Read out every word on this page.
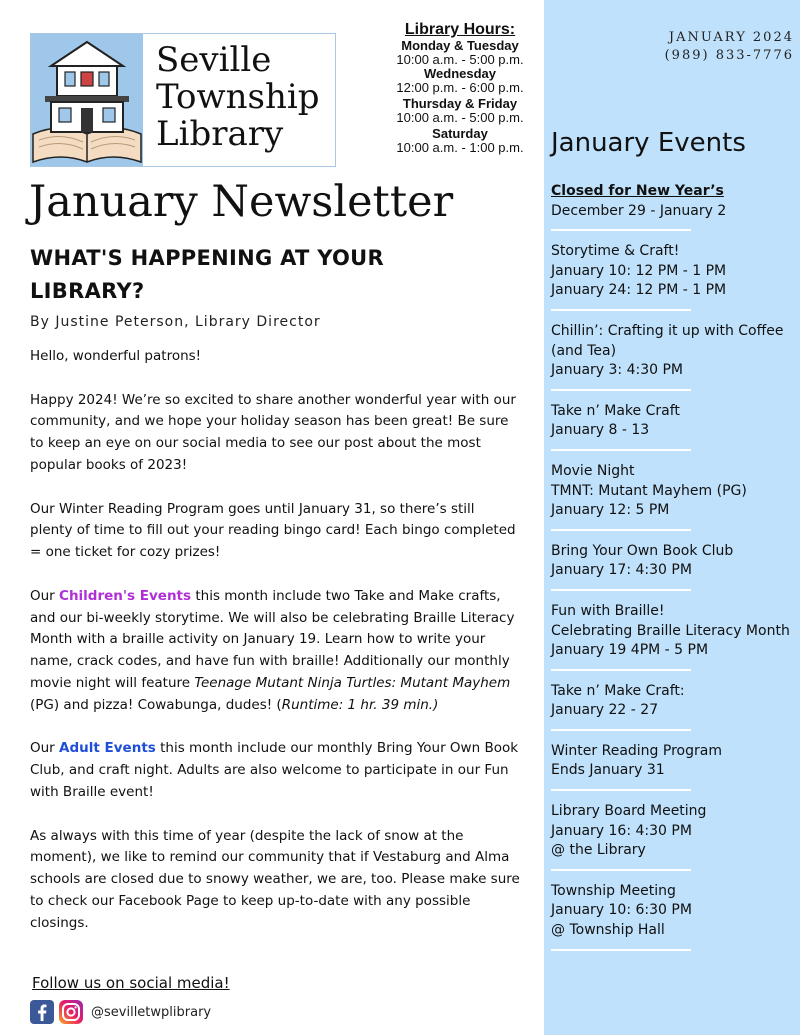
Seville
Township
Library
Library Hours:
Monday & Tuesday
10:00 a.m. - 5:00 p.m.
Wednesday
12:00 p.m. - 6:00 p.m.
Thursday & Friday
10:00 a.m. - 5:00 p.m.
Saturday
10:00 a.m. - 1:00 p.m.
January Newsletter
WHAT'S HAPPENING AT YOUR LIBRARY?
By Justine Peterson, Library Director

Hello, wonderful patrons!

Happy 2024! We’re so excited to share another wonderful year with our community, and we hope your holiday season has been great! Be sure to keep an eye on our social media to see our post about the most popular books of 2023!

Our Winter Reading Program goes until January 31, so there’s still plenty of time to fill out your reading bingo card! Each bingo completed = one ticket for cozy prizes!

Our Children's Events this month include two Take and Make crafts, and our bi-weekly storytime. We will also be celebrating Braille Literacy Month with a braille activity on January 19. Learn how to write your name, crack codes, and have fun with braille! Additionally our monthly movie night will feature Teenage Mutant Ninja Turtles: Mutant Mayhem (PG) and pizza! Cowabunga, dudes! (Runtime: 1 hr. 39 min.)

Our Adult Events this month include our monthly Bring Your Own Book Club, and craft night. Adults are also welcome to participate in our Fun with Braille event!

As always with this time of year (despite the lack of snow at the moment), we like to remind our community that if Vestaburg and Alma schools are closed due to snowy weather, we are, too. Please make sure to check our Facebook Page to keep up-to-date with any possible closings.

Follow us on social media!
@sevilletwplibrary
JANUARY 2024
(989) 833-7776
January Events
Closed for New Year’s
December 29 - January 2
Storytime & Craft!
January 10: 12 PM - 1 PM
January 24: 12 PM - 1 PM
Chillin’: Crafting it up with Coffee
(and Tea)
January 3: 4:30 PM
Take n’ Make Craft
January 8 - 13
Movie Night
TMNT: Mutant Mayhem (PG)
January 12: 5 PM
Bring Your Own Book Club
January 17: 4:30 PM
Fun with Braille!
Celebrating Braille Literacy Month
January 19 4PM - 5 PM
Take n’ Make Craft:
January 22 - 27
Winter Reading Program
Ends January 31
Library Board Meeting
January 16: 4:30 PM
@ the Library
Township Meeting
January 10: 6:30 PM
@ Township Hall
